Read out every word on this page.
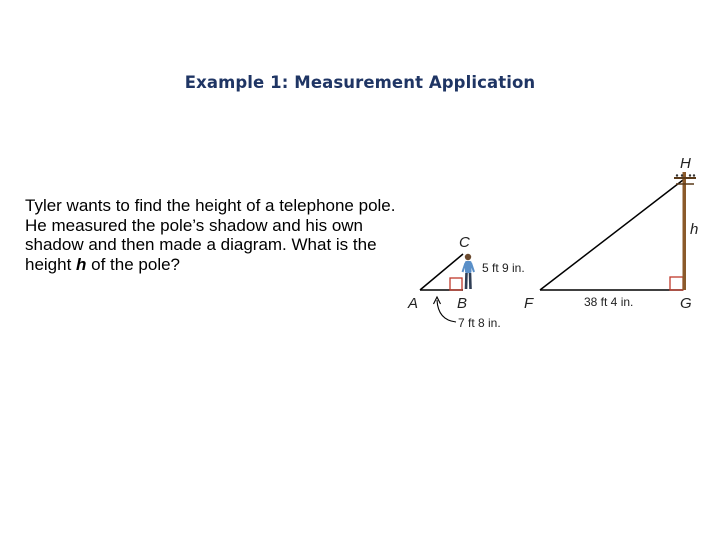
Example 1: Measurement Application
Tyler wants to find the height of a telephone pole. He measured the pole’s shadow and his own shadow and then made a diagram. What is the height h of the pole?
A	B
C
F	G
H
h
5 ft 9 in.
7 ft 8 in.
38 ft 4 in.
